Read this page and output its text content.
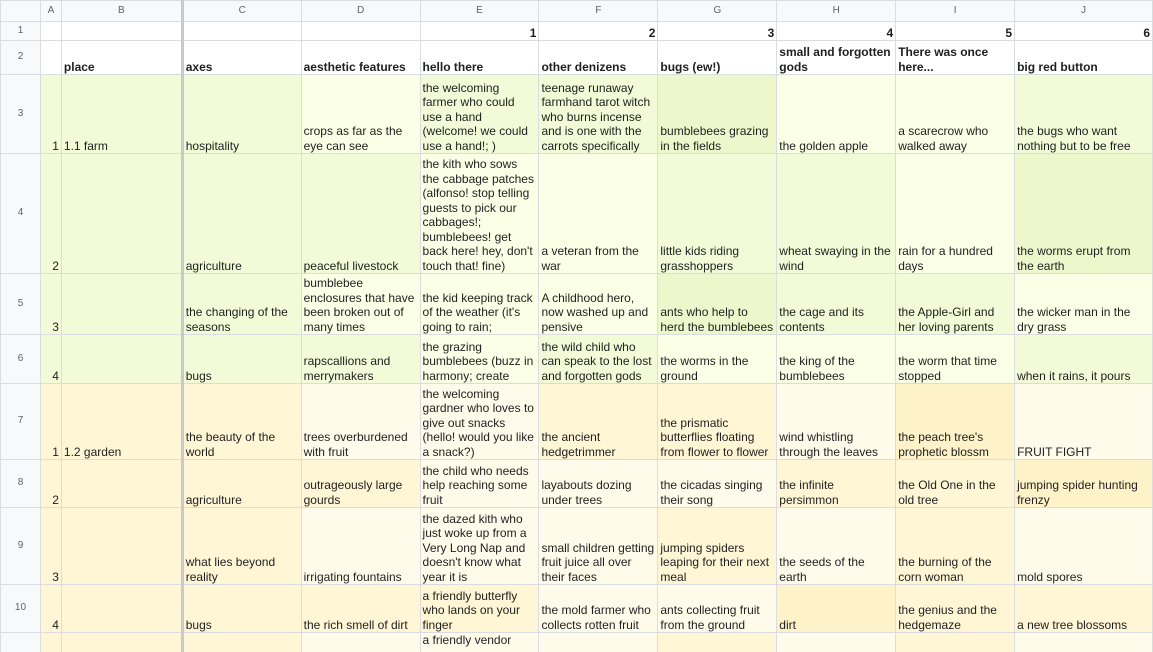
	A	B	C	D	E	F	G	H	I	J
1					1	2	3	4	5	6
2		place	axes	aesthetic features	hello there	other denizens	bugs (ew!)	small and forgotten gods	There was once here...	big red button
3	1	1.1 farm	hospitality	crops as far as the eye can see	the welcoming farmer who could use a hand (welcome! we could use a hand!; )	teenage runaway farmhand tarot witch who burns incense and is one with the carrots specifically	bumblebees grazing in the fields	the golden apple	a scarecrow who walked away	the bugs who want nothing but to be free
4	2		agriculture	peaceful livestock	the kith who sows the cabbage patches (alfonso! stop telling guests to pick our cabbages!; bumblebees! get back here! hey, don't touch that! fine)	a veteran from the war	little kids riding grasshoppers	wheat swaying in the wind	rain for a hundred days	the worms erupt from the earth
5	3		the changing of the seasons	bumblebee enclosures that have been broken out of many times	the kid keeping track of the weather (it's going to rain;	A childhood hero, now washed up and pensive	ants who help to herd the bumblebees	the cage and its contents	the Apple-Girl and her loving parents	the wicker man in the dry grass
6	4		bugs	rapscallions and merrymakers	the grazing bumblebees (buzz in harmony; create	the wild child who can speak to the lost and forgotten gods	the worms in the ground	the king of the bumblebees	the worm that time stopped	when it rains, it pours
7	1	1.2 garden	the beauty of the world	trees overburdened with fruit	the welcoming gardner who loves to give out snacks (hello! would you like a snack?)	the ancient hedgetrimmer	the prismatic butterflies floating from flower to flower	wind whistling through the leaves	the peach tree's prophetic blossm	FRUIT FIGHT
8	2		agriculture	outrageously large gourds	the child who needs help reaching some fruit	layabouts dozing under trees	the cicadas singing their song	the infinite persimmon	the Old One in the old tree	jumping spider hunting frenzy
9	3		what lies beyond reality	irrigating fountains	the dazed kith who just woke up from a Very Long Nap and doesn't know what year it is	small children getting fruit juice all over their faces	jumping spiders leaping for their next meal	the seeds of the earth	the burning of the corn woman	mold spores
10	4		bugs	the rich smell of dirt	a friendly butterfly who lands on your finger	the mold farmer who collects rotten fruit	ants collecting fruit from the ground	dirt	the genius and the hedgemaze	a new tree blossoms
					a friendly vendor					
